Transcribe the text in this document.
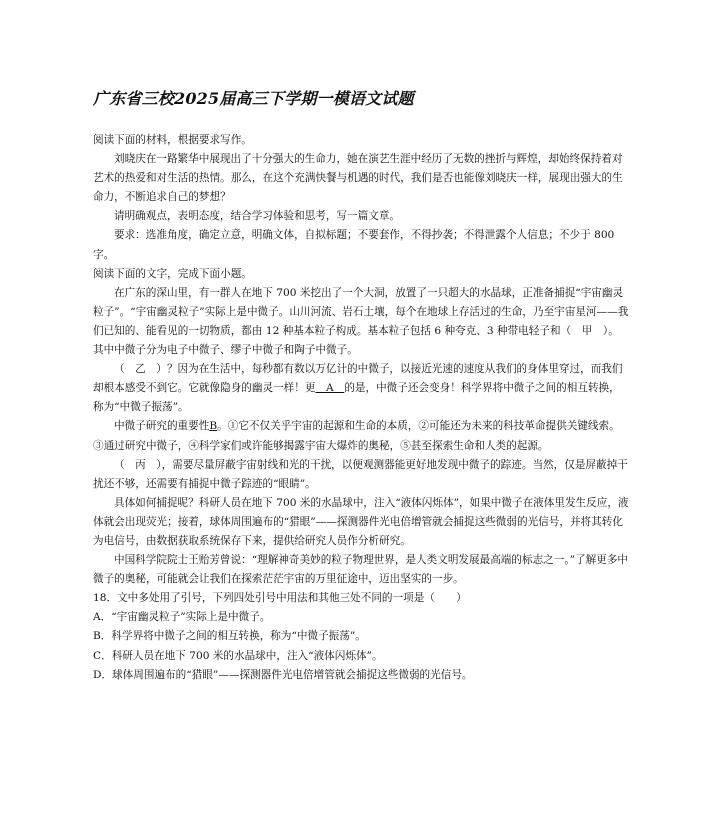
广东省三校2025届高三下学期一模语文试题

阅读下面的材料，根据要求写作。

刘晓庆在一路繁华中展现出了十分强大的生命力，她在演艺生涯中经历了无数的挫折与辉煌，却始终保持着对艺术的热爱和对生活的热情。那么，在这个充满快餐与机遇的时代，我们是否也能像刘晓庆一样，展现出强大的生命力，不断追求自己的梦想？

请明确观点，表明态度，结合学习体验和思考，写一篇文章。

要求：选准角度，确定立意，明确文体，自拟标题；不要套作，不得抄袭；不得泄露个人信息；不少于 800 字。

阅读下面的文字，完成下面小题。

在广东的深山里，有一群人在地下 700 米挖出了一个大洞，放置了一只超大的水晶球，正准备捕捉“宇宙幽灵粒子”。“宇宙幽灵粒子”实际上是中微子。山川河流、岩石土壤，每个在地球上存活过的生命，乃至宇宙星河——我们已知的、能看见的一切物质，都由 12 种基本粒子构成。基本粒子包括 6 种夸克、3 种带电轻子和（　甲　）。其中中微子分为电子中微子、缪子中微子和陶子中微子。

（　乙　）？因为在生活中，每秒都有数以万亿计的中微子，以接近光速的速度从我们的身体里穿过，而我们却根本感受不到它。它就像隐身的幽灵一样！更　A　的是，中微子还会变身！科学界将中微子之间的相互转换，称为“中微子振荡”。

中微子研究的重要性B。①它不仅关乎宇宙的起源和生命的本质，②可能还为未来的科技革命提供关键线索。③通过研究中微子，④科学家们或许能够揭露宇宙大爆炸的奥秘，⑤甚至探索生命和人类的起源。

（　丙　），需要尽量屏蔽宇宙射线和光的干扰，以便观测器能更好地发现中微子的踪迹。当然，仅是屏蔽掉干扰还不够，还需要有捕捉中微子踪迹的“眼睛”。

具体如何捕捉呢？科研人员在地下 700 米的水晶球中，注入“液体闪烁体”，如果中微子在液体里发生反应，液体就会出现荧光；接着，球体周围遍布的“猎眼”——探测器件光电倍增管就会捕捉这些微弱的光信号，并将其转化为电信号，由数据获取系统保存下来，提供给研究人员作分析研究。

中国科学院院士王贻芳曾说：“理解神奇美妙的粒子物理世界，是人类文明发展最高端的标志之一。”了解更多中微子的奥秘，可能就会让我们在探索茫茫宇宙的万里征途中，迈出坚实的一步。

18．文中多处用了引号，下列四处引号中用法和其他三处不同的一项是（　　）

A．“宇宙幽灵粒子”实际上是中微子。

B．科学界将中微子之间的相互转换，称为“中微子振荡”。

C．科研人员在地下 700 米的水晶球中，注入“液体闪烁体”。

D．球体周围遍布的“猎眼”——探测器件光电倍增管就会捕捉这些微弱的光信号。
